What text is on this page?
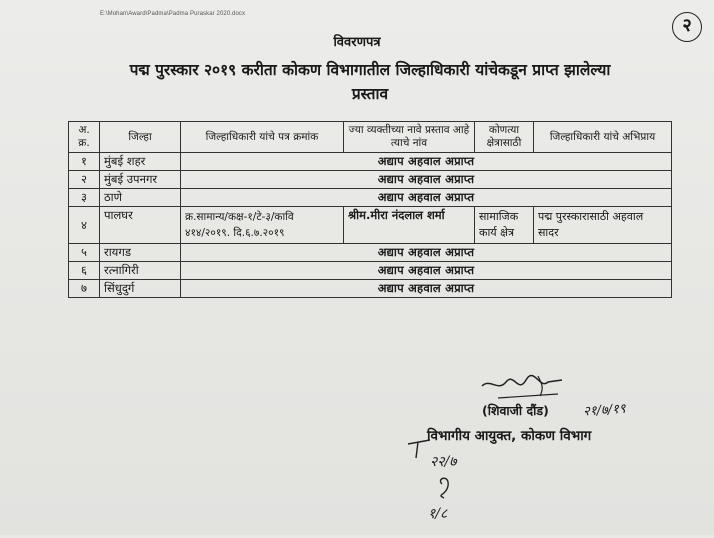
E:\Mohan\Award\Padma\Padma Puraskar 2020.docx
२
विवरणपत्र
पद्म पुरस्कार २०१९ करीता कोकण विभागातील जिल्हाधिकारी यांचेकडून प्राप्त झालेल्या
प्रस्ताव
अ. क्र.	जिल्हा	जिल्हाधिकारी यांचे पत्र क्रमांक	ज्या व्यक्तीच्या नावे प्रस्ताव आहे त्याचे नांव	कोणत्या क्षेत्रासाठी	जिल्हाधिकारी यांचे अभिप्राय
१	मुंबई शहर	अद्याप अहवाल अप्राप्त			
२	मुंबई उपनगर	अद्याप अहवाल अप्राप्त			
३	ठाणे	अद्याप अहवाल अप्राप्त			
४	पालघर	क्र.सामान्य/कक्ष-१/टे-३/कावि ४१४/२०१९. दि.६.७.२०१९	श्रीम.मीरा नंदलाल शर्मा	सामाजिक कार्य क्षेत्र	पद्म पुरस्कारासाठी अहवाल सादर
५	रायगड	अद्याप अहवाल अप्राप्त			
६	रत्नागिरी	अद्याप अहवाल अप्राप्त			
७	सिंधुदुर्ग	अद्याप अहवाल अप्राप्त			
(शिवाजी दौंड)	२१/७/१९
विभागीय आयुक्त, कोकण विभाग
२२/७
१/८
